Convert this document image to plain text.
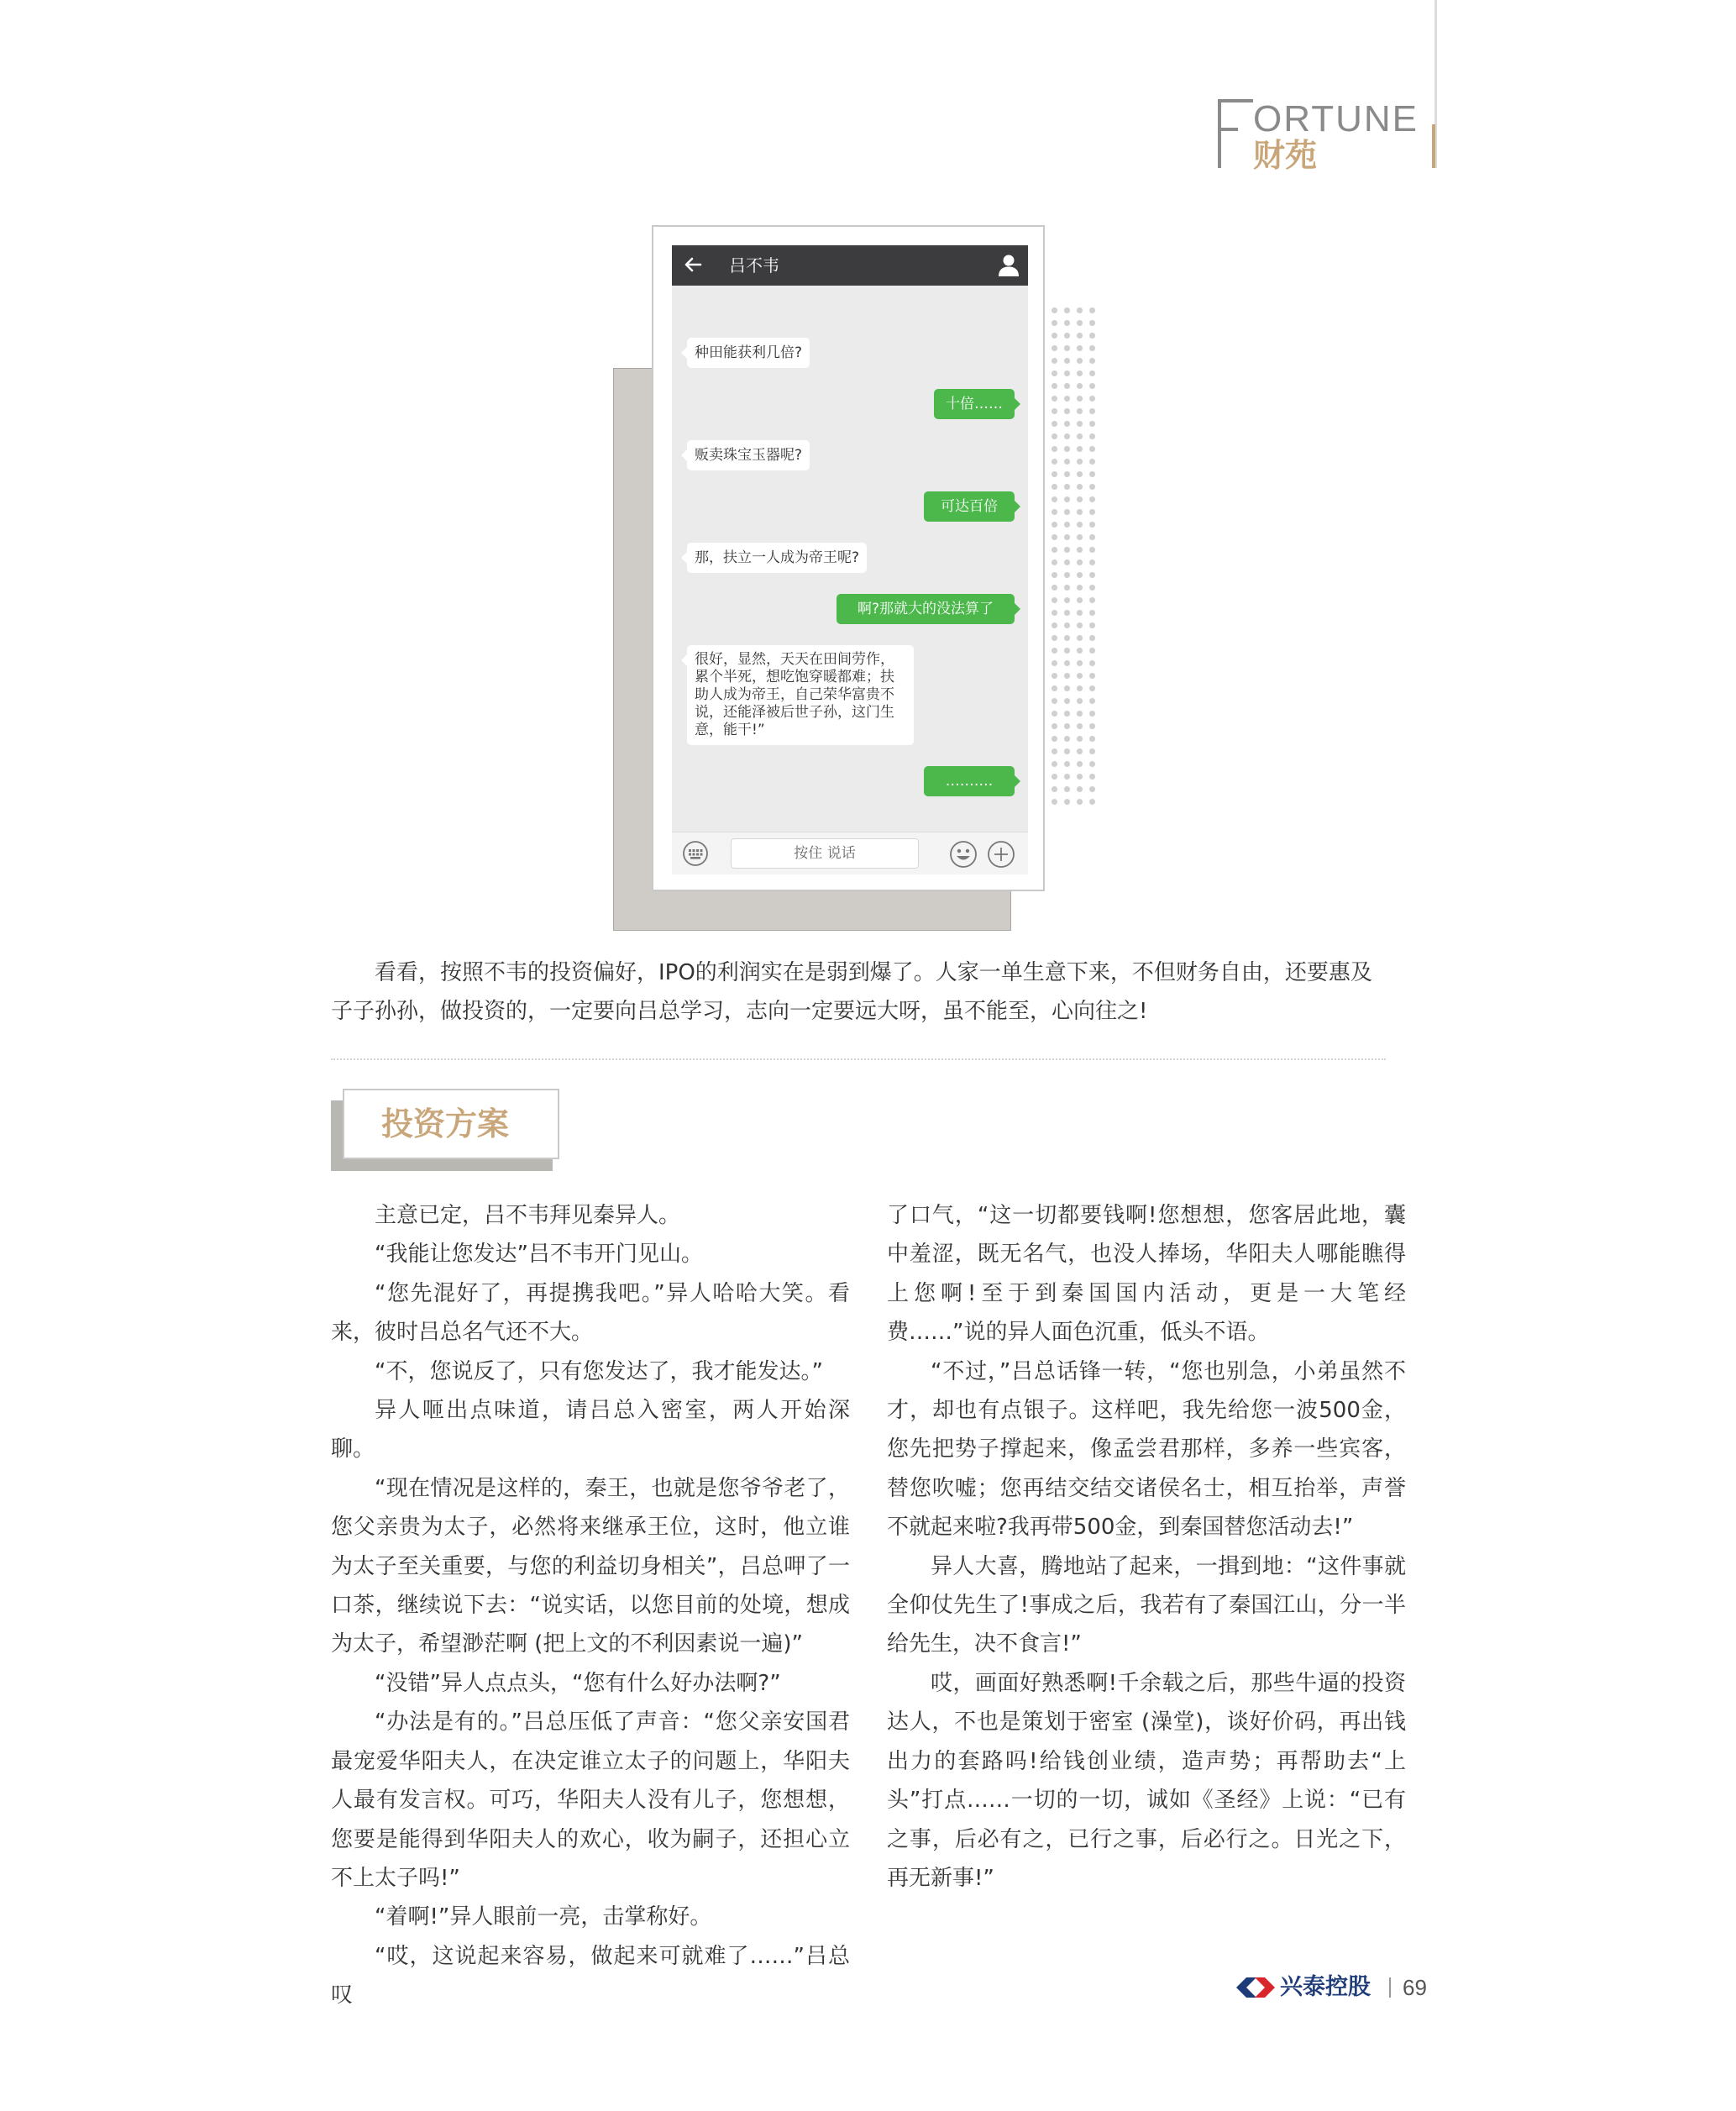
ORTUNE
财苑
吕不韦
种田能获利几倍?
十倍……
贩卖珠宝玉器呢?
可达百倍
那，扶立一人成为帝王呢?
啊?那就大的没法算了
很好，显然，天天在田间劳作，累个半死，想吃饱穿暖都难；扶助人成为帝王，自己荣华富贵不说，还能泽被后世子孙，这门生意，能干!”
……….
按住 说话

看看，按照不韦的投资偏好，IPO的利润实在是弱到爆了。人家一单生意下来，不但财务自由，还要惠及子子孙孙，做投资的，一定要向吕总学习，志向一定要远大呀，虽不能至，心向往之!

投资方案

主意已定，吕不韦拜见秦异人。

“我能让您发达”吕不韦开门见山。

“您先混好了，再提携我吧。”异人哈哈大笑。看来，彼时吕总名气还不大。

“不，您说反了，只有您发达了，我才能发达。”

异人咂出点味道，请吕总入密室，两人开始深聊。

“现在情况是这样的，秦王，也就是您爷爷老了，您父亲贵为太子，必然将来继承王位，这时，他立谁为太子至关重要，与您的利益切身相关”，吕总呷了一口茶，继续说下去：“说实话，以您目前的处境，想成为太子，希望渺茫啊 (把上文的不利因素说一遍)”

“没错”异人点点头，“您有什么好办法啊?”

“办法是有的。”吕总压低了声音：“您父亲安国君最宠爱华阳夫人，在决定谁立太子的问题上，华阳夫人最有发言权。可巧，华阳夫人没有儿子，您想想，您要是能得到华阳夫人的欢心，收为嗣子，还担心立不上太子吗!”

“着啊!”异人眼前一亮，击掌称好。

“哎，这说起来容易，做起来可就难了……”吕总叹

了口气，“这一切都要钱啊!您想想，您客居此地，囊中羞涩，既无名气，也没人捧场，华阳夫人哪能瞧得上您啊!至于到秦国国内活动，更是一大笔经费……”说的异人面色沉重，低头不语。

“不过，”吕总话锋一转，“您也别急，小弟虽然不才，却也有点银子。这样吧，我先给您一波500金，您先把势子撑起来，像孟尝君那样，多养一些宾客，替您吹嘘；您再结交结交诸侯名士，相互抬举，声誉不就起来啦?我再带500金，到秦国替您活动去!”

异人大喜，腾地站了起来，一揖到地：“这件事就全仰仗先生了!事成之后，我若有了秦国江山，分一半给先生，决不食言!”

哎，画面好熟悉啊!千余载之后，那些牛逼的投资达人，不也是策划于密室 (澡堂)，谈好价码，再出钱出力的套路吗!给钱创业绩，造声势；再帮助去“上头”打点……一切的一切，诚如《圣经》上说：“已有之事，后必有之，已行之事，后必行之。日光之下，再无新事!”

兴泰控股 69
